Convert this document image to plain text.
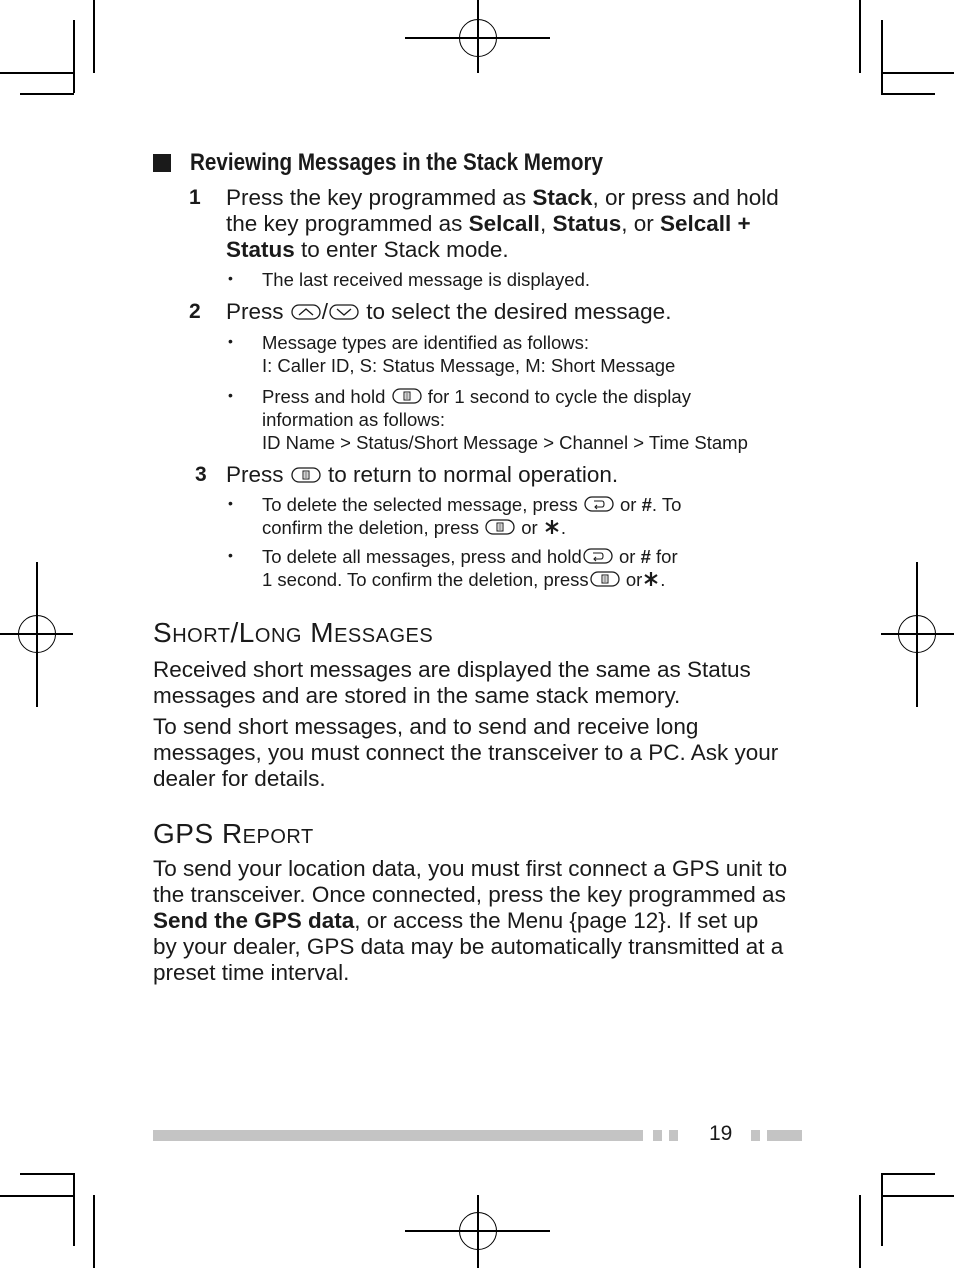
Reviewing Messages in the Stack Memory
1 Press the key programmed as Stack, or press and hold
the key programmed as Selcall, Status, or Selcall +
Status to enter Stack mode.
• The last received message is displayed.
2 Press / to select the desired message.
• Message types are identified as follows:
I: Caller ID, S: Status Message, M: Short Message
• Press and hold  for 1 second to cycle the display
information as follows:
ID Name > Status/Short Message > Channel > Time Stamp
3 Press  to return to normal operation.
• To delete the selected message, press  or #. To
confirm the deletion, press  or .
• To delete all messages, press and hold or # for
1 second. To confirm the deletion, press or .
SHORT/LONG MESSAGES
Received short messages are displayed the same as Status messages and are stored in the same stack memory.
To send short messages, and to send and receive long messages, you must connect the transceiver to a PC. Ask your dealer for details.
GPS REPORT
To send your location data, you must first connect a GPS unit to
the transceiver. Once connected, press the key programmed as
Send the GPS data, or access the Menu {page 12}. If set up
by your dealer, GPS data may be automatically transmitted at a
preset time interval.
19
